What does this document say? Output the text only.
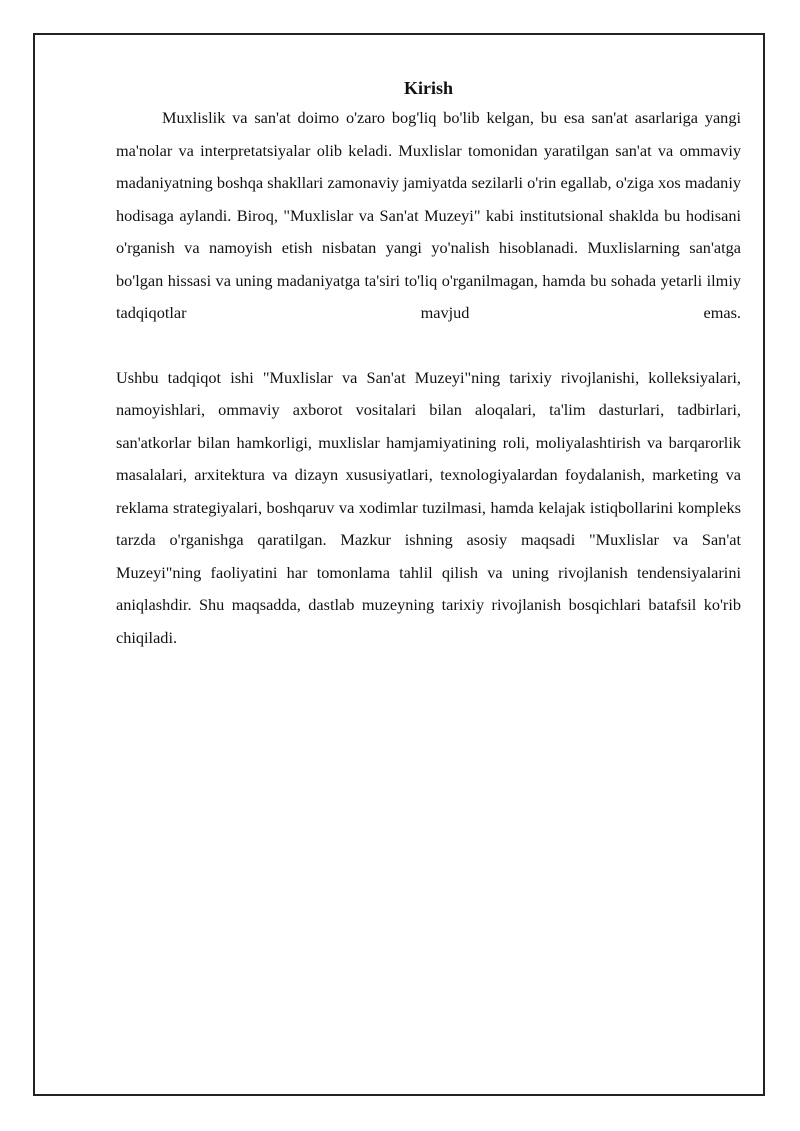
Kirish

Muxlislik va san'at doimo o'zaro bog'liq bo'lib kelgan, bu esa san'at asarlariga yangi ma'nolar va interpretatsiyalar olib keladi. Muxlislar tomonidan yaratilgan san'at va ommaviy madaniyatning boshqa shakllari zamonaviy jamiyatda sezilarli o'rin egallab, o'ziga xos madaniy hodisaga aylandi. Biroq, "Muxlislar va San'at Muzeyi" kabi institutsional shaklda bu hodisani o'rganish va namoyish etish nisbatan yangi yo'nalish hisoblanadi. Muxlislarning san'atga bo'lgan hissasi va uning madaniyatga ta'siri to'liq o'rganilmagan, hamda bu sohada yetarli ilmiy tadqiqotlar mavjud emas.

Ushbu tadqiqot ishi "Muxlislar va San'at Muzeyi"ning tarixiy rivojlanishi, kolleksiyalari, namoyishlari, ommaviy axborot vositalari bilan aloqalari, ta'lim dasturlari, tadbirlari, san'atkorlar bilan hamkorligi, muxlislar hamjamiyatining roli, moliyalashtirish va barqarorlik masalalari, arxitektura va dizayn xususiyatlari, texnologiyalardan foydalanish, marketing va reklama strategiyalari, boshqaruv va xodimlar tuzilmasi, hamda kelajak istiqbollarini kompleks tarzda o'rganishga qaratilgan. Mazkur ishning asosiy maqsadi "Muxlislar va San'at Muzeyi"ning faoliyatini har tomonlama tahlil qilish va uning rivojlanish tendensiyalarini aniqlashdir. Shu maqsadda, dastlab muzeyning tarixiy rivojlanish bosqichlari batafsil ko'rib chiqiladi.
